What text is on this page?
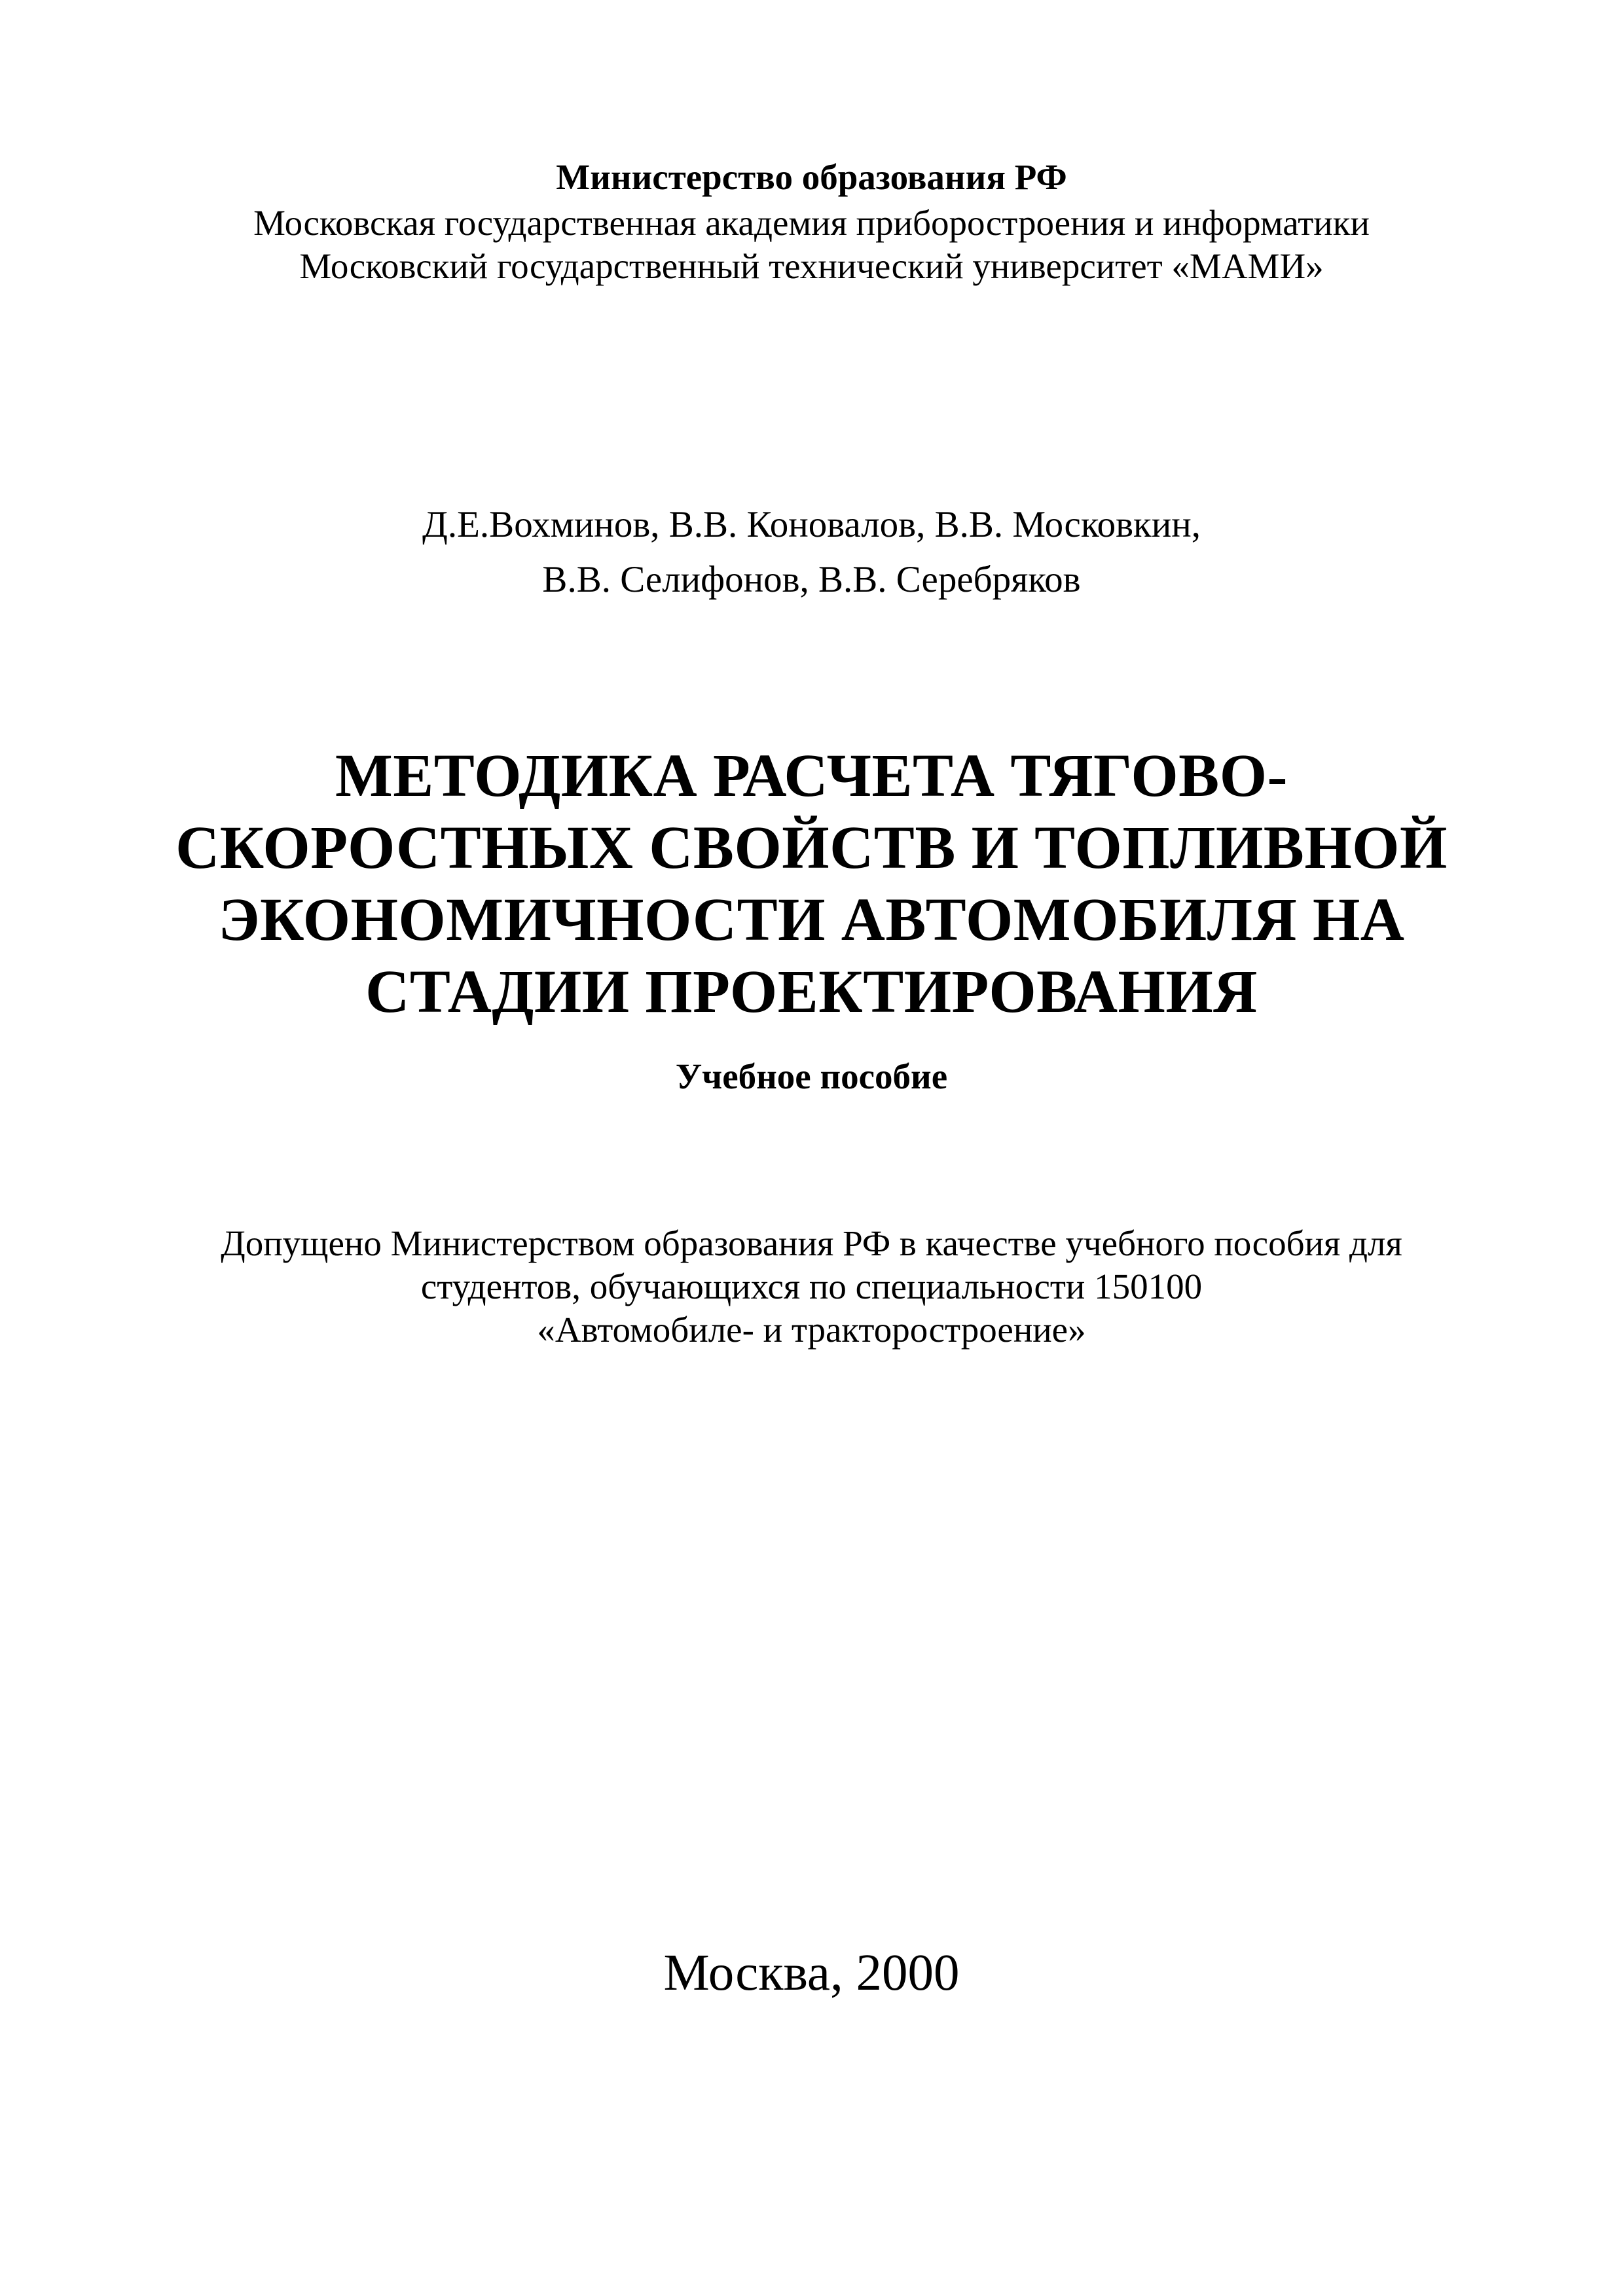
Министерство образования РФ
Московская государственная академия приборостроения и информатики
Московский государственный технический университет «МАМИ»
Д.Е.Вохминов, В.В. Коновалов, В.В. Московкин,
В.В. Селифонов, В.В. Серебряков
МЕТОДИКА РАСЧЕТА ТЯГОВО-
СКОРОСТНЫХ СВОЙСТВ И ТОПЛИВНОЙ
ЭКОНОМИЧНОСТИ АВТОМОБИЛЯ НА
СТАДИИ ПРОЕКТИРОВАНИЯ
Учебное пособие
Допущено Министерством образования РФ в качестве учебного пособия для
студентов, обучающихся по специальности 150100
«Автомобиле- и тракторостроение»
Москва, 2000
